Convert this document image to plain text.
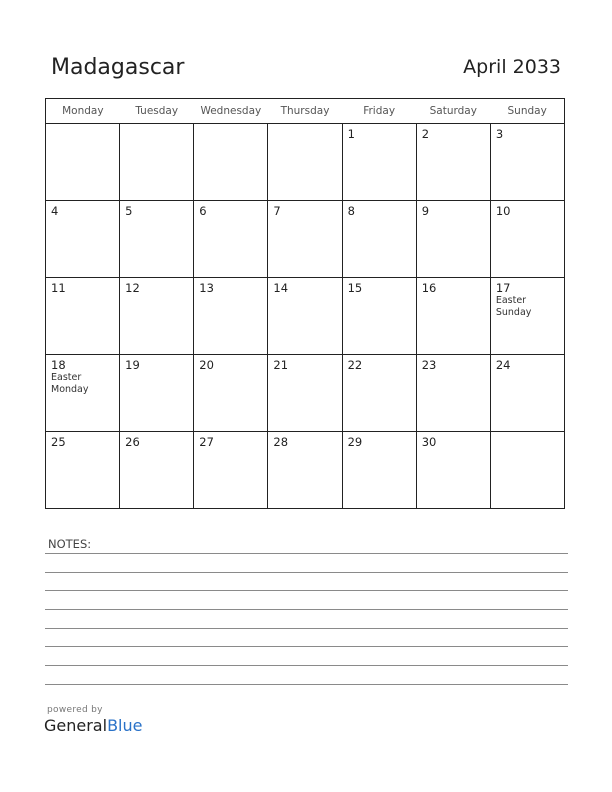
Madagascar	April 2033
Monday	Tuesday	Wednesday	Thursday	Friday	Saturday	Sunday

				1	2	3

4	5	6	7	8	9	10

11	12	13	14	15	16	17
Easter Sunday

18
Easter Monday	19	20	21	22	23	24

25	26	27	28	29	30	

NOTES:
powered by
GeneralBlue
